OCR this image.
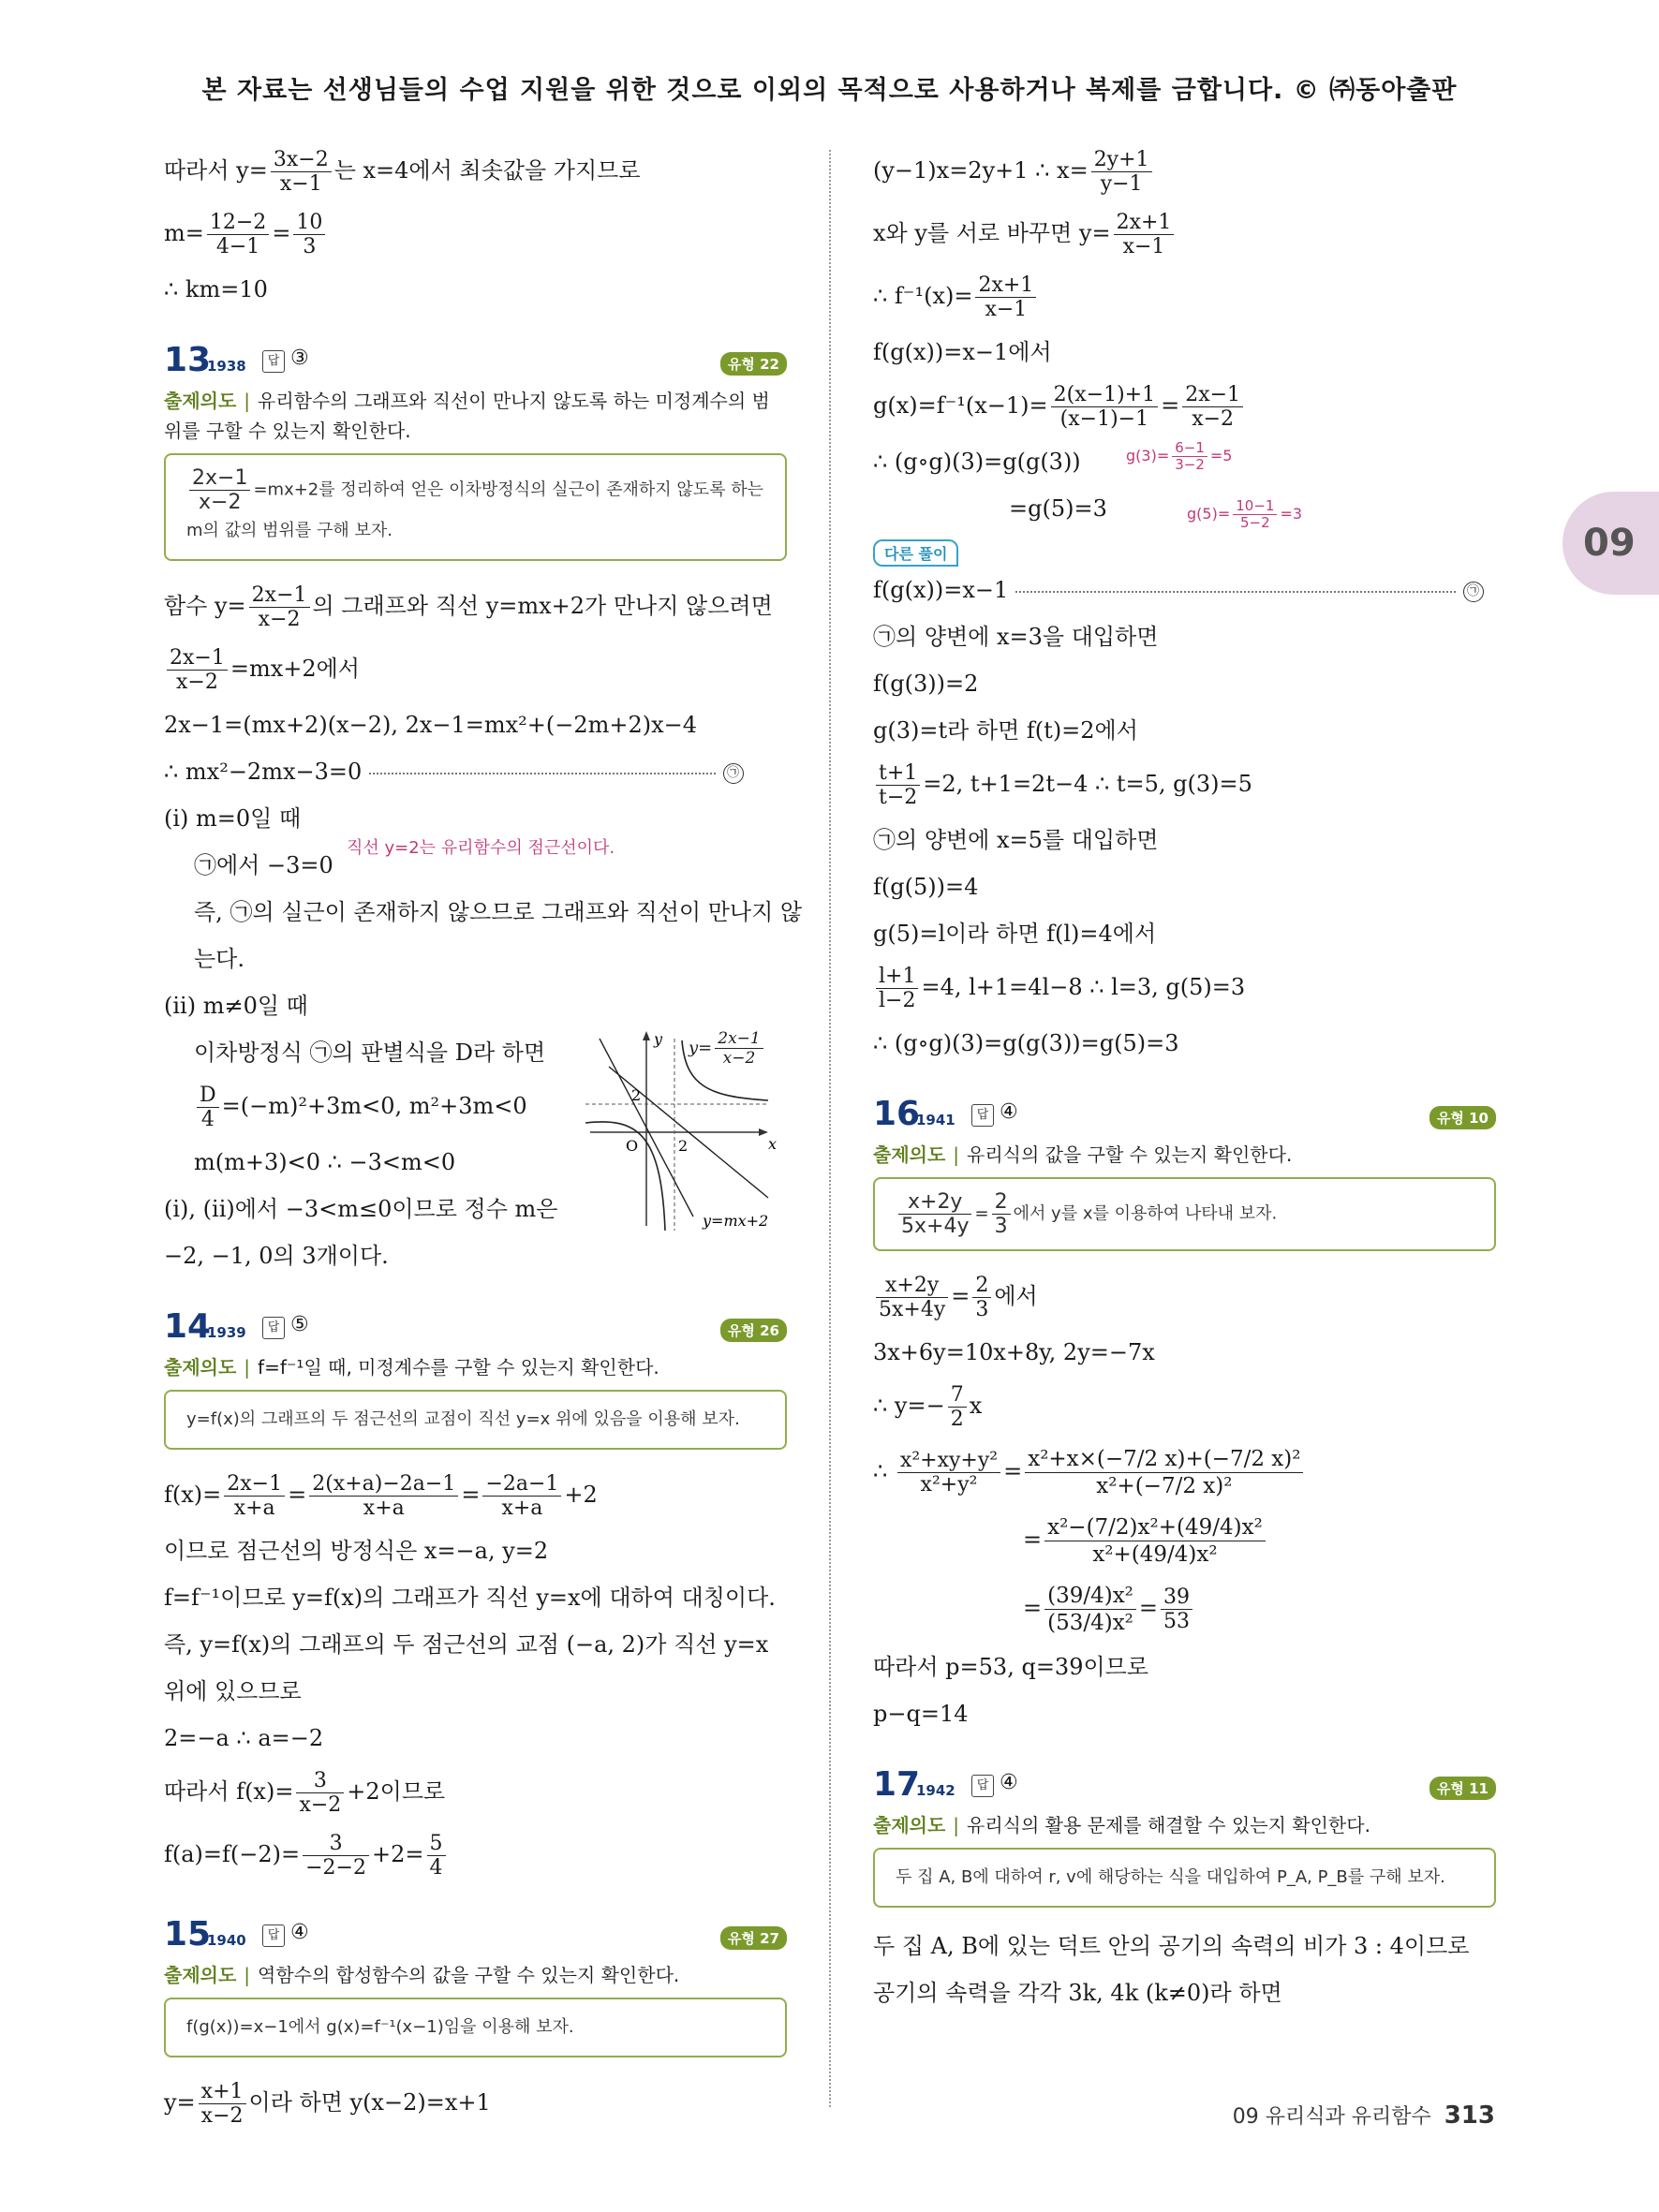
본 자료는 선생님들의 수업 지원을 위한 것으로 이외의 목적으로 사용하거나 복제를 금합니다. © ㈜동아출판
09
따라서 $y= \frac{3x-2}{x-1}$ 는 x=4에서 최솟값을 가지므로
$m= \frac{12-2}{4-1} = \frac{10}{3}$
∴ km=10
13
1938	답 ③	유형 22
출제의도 | 유리함수의 그래프와 직선이 만나지 않도록 하는 미정계수의 범위를 구할 수 있는지 확인한다.
$\frac{2x-1}{x-2} =mx+2$를 정리하여 얻은 이차방정식의 실근이 존재하지 않도록 하는 m의 값의 범위를 구해 보자.
함수 $y= \frac{2x-1}{x-2}$ 의 그래프와 직선 y=mx+2가 만나지 않으려면
$\frac{2x-1}{x-2} =mx+2$에서
2x−1=(mx+2)(x−2), 2x−1=mx²+(−2m+2)x−4
∴ mx²−2mx−3=0	㉠
(i) m=0일 때
㉠에서 −3=0
직선 y=2는 유리함수의 점근선이다.
즉, ㉠의 실근이 존재하지 않으므로 그래프와 직선이 만나지 않
는다.
(ii) m≠0일 때
이차방정식 ㉠의 판별식을 D라 하면
$\frac{D}{4} =(-m)^2+3m<0$, m²+3m<0
m(m+3)<0 ∴ −3<m<0
(i), (ii)에서 −3<m≤0이므로 정수 m은
−2, −1, 0의 3개이다.
y
x
O
2
2
y=mx+2
$y= \frac{2x-1}{x-2}$
14
1939	답 ⑤	유형 26
출제의도 | f=f⁻¹일 때, 미정계수를 구할 수 있는지 확인한다.
y=f(x)의 그래프의 두 점근선의 교점이 직선 y=x 위에 있음을 이용해 보자.
$f(x)= \frac{2x-1}{x+a} = \frac{2(x+a)-2a-1}{x+a} = \frac{-2a-1}{x+a} +2$
이므로 점근선의 방정식은 x=−a, y=2
f=f⁻¹이므로 y=f(x)의 그래프가 직선 y=x에 대하여 대칭이다.
즉, y=f(x)의 그래프의 두 점근선의 교점 (−a, 2)가 직선 y=x
위에 있으므로
2=−a ∴ a=−2
따라서 $f(x)= \frac{3}{x-2} +2$이므로
$f(a)=f(-2)= \frac{3}{-2-2} +2= \frac{5}{4}$
15
1940	답 ④	유형 27
출제의도 | 역함수의 합성함수의 값을 구할 수 있는지 확인한다.
f(g(x))=x−1에서 g(x)=f⁻¹(x−1)임을 이용해 보자.
$y= \frac{x+1}{x-2}$ 이라 하면 y(x−2)=x+1
(y−1)x=2y+1 ∴ $x= \frac{2y+1}{y-1}$
x와 y를 서로 바꾸면 $y= \frac{2x+1}{x-1}$
∴ $f^{-1}(x)= \frac{2x+1}{x-1}$
f(g(x))=x−1에서
$g(x)=f^{-1}(x-1)= \frac{2(x-1)+1}{(x-1)-1} = \frac{2x-1}{x-2}$
∴ (g∘g)(3)=g(g(3))	$g(3)= \frac{6-1}{3-2} =5$
=g(5)=3	$g(5)= \frac{10-1}{5-2} =3$
다른 풀이
f(g(x))=x−1	㉠
㉠의 양변에 x=3을 대입하면
f(g(3))=2
g(3)=t라 하면 f(t)=2에서
$\frac{t+1}{t-2} =2$, t+1=2t−4 ∴ t=5, g(3)=5
㉠의 양변에 x=5를 대입하면
f(g(5))=4
g(5)=l이라 하면 f(l)=4에서
$\frac{l+1}{l-2} =4$, l+1=4l−8 ∴ l=3, g(5)=3
∴ (g∘g)(3)=g(g(3))=g(5)=3
16
1941	답 ④	유형 10
출제의도 | 유리식의 값을 구할 수 있는지 확인한다.
$\frac{x+2y}{5x+4y} = \frac{2}{3}$ 에서 y를 x를 이용하여 나타내 보자.
$\frac{x+2y}{5x+4y} = \frac{2}{3}$ 에서
3x+6y=10x+8y, 2y=−7x
∴ $y=- \frac{7}{2}$ x
∴ $\frac{\text{x²+xy+y²}}{\text{x²+y²}} = \frac{\text{x²+x×(−7/2 x)+(−7/2 x)²}}{\text{x²+(−7/2 x)²}}$
= $\frac{\text{x²−(7/2)x²+(49/4)x²}}{\text{x²+(49/4)x²}}$
= $\frac{\text{(39/4)x²}}{\text{(53/4)x²}} = \frac{39}{53}$
따라서 p=53, q=39이므로
p−q=14
17
1942	답 ④	유형 11
출제의도 | 유리식의 활용 문제를 해결할 수 있는지 확인한다.
두 집 A, B에 대하여 r, v에 해당하는 식을 대입하여 P_A, P_B를 구해 보자.
두 집 A, B에 있는 덕트 안의 공기의 속력의 비가 3 : 4이므로
공기의 속력을 각각 3k, 4k (k≠0)라 하면
09 유리식과 유리함수 313
